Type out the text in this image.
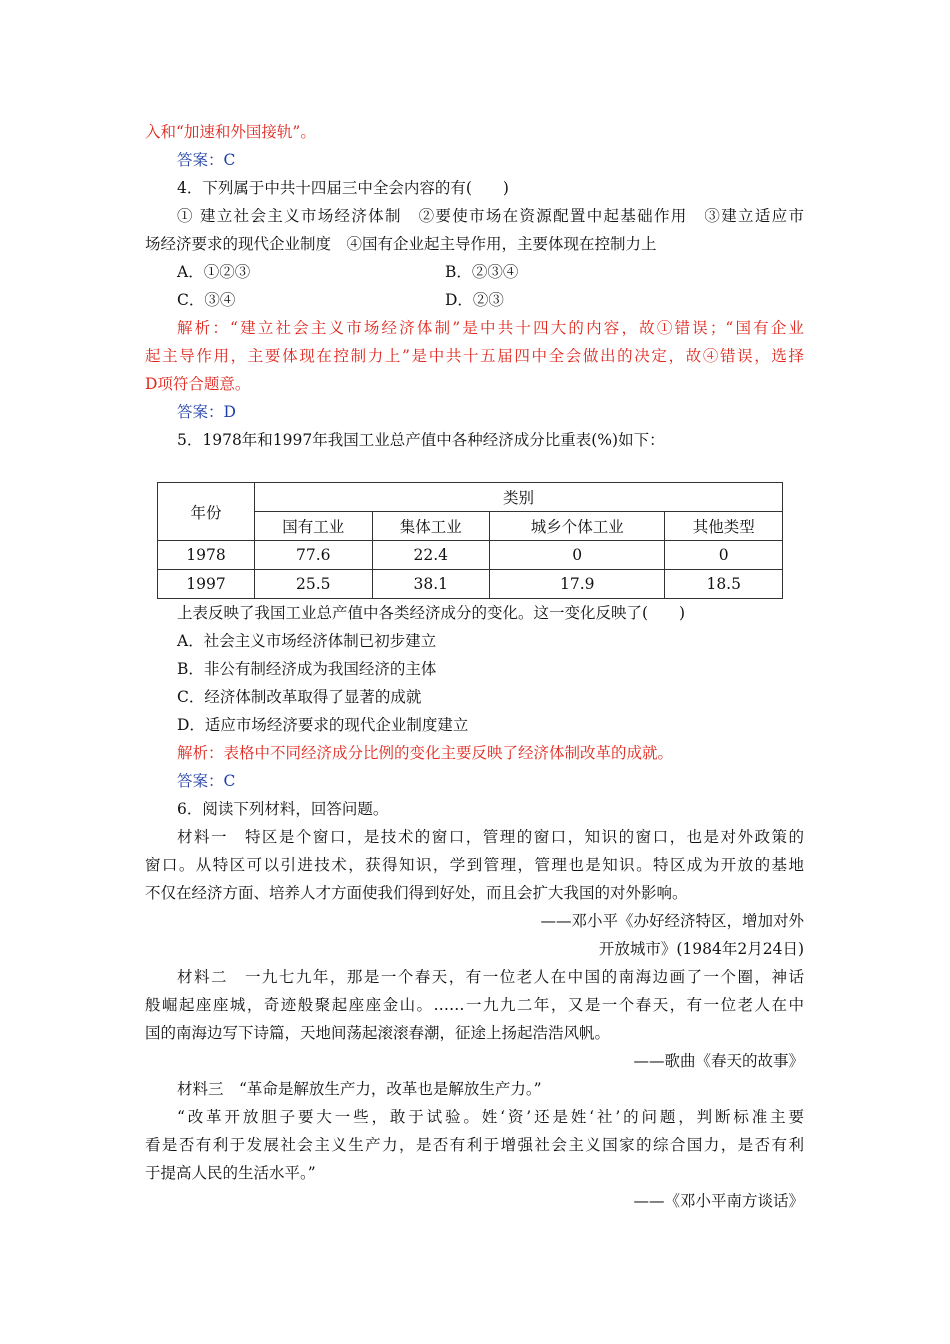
入和“加速和外国接轨”。
答案：C
4．下列属于中共十四届三中全会内容的有(　　)
① 建立社会主义市场经济体制　②要使市场在资源配置中起基础作用　③建立适应市
场经济要求的现代企业制度　④国有企业起主导作用，主要体现在控制力上
A．①②③	B．②③④
C．③④	D．②③
解析：“建立社会主义市场经济体制”是中共十四大的内容，故①错误；“国有企业
起主导作用，主要体现在控制力上”是中共十五届四中全会做出的决定，故④错误，选择
D项符合题意。
答案：D
5．1978年和1997年我国工业总产值中各种经济成分比重表(%)如下：
年份	类别			
	国有工业	集体工业	城乡个体工业	其他类型
1978	77.6	22.4	0	0
1997	25.5	38.1	17.9	18.5
上表反映了我国工业总产值中各类经济成分的变化。这一变化反映了(　　)
A．社会主义市场经济体制已初步建立
B．非公有制经济成为我国经济的主体
C．经济体制改革取得了显著的成就
D．适应市场经济要求的现代企业制度建立
解析：表格中不同经济成分比例的变化主要反映了经济体制改革的成就。
答案：C
6．阅读下列材料，回答问题。
材料一　特区是个窗口，是技术的窗口，管理的窗口，知识的窗口，也是对外政策的
窗口。从特区可以引进技术，获得知识，学到管理，管理也是知识。特区成为开放的基地
不仅在经济方面、培养人才方面使我们得到好处，而且会扩大我国的对外影响。
——邓小平《办好经济特区，增加对外
开放城市》(1984年2月24日)
材料二　一九七九年，那是一个春天，有一位老人在中国的南海边画了一个圈，神话
般崛起座座城，奇迹般聚起座座金山。……一九九二年，又是一个春天，有一位老人在中
国的南海边写下诗篇，天地间荡起滚滚春潮，征途上扬起浩浩风帆。
——歌曲《春天的故事》
材料三　“革命是解放生产力，改革也是解放生产力。”
“改革开放胆子要大一些，敢于试验。姓‘资’还是姓‘社’的问题，判断标准主要
看是否有利于发展社会主义生产力，是否有利于增强社会主义国家的综合国力，是否有利
于提高人民的生活水平。”
——《邓小平南方谈话》
